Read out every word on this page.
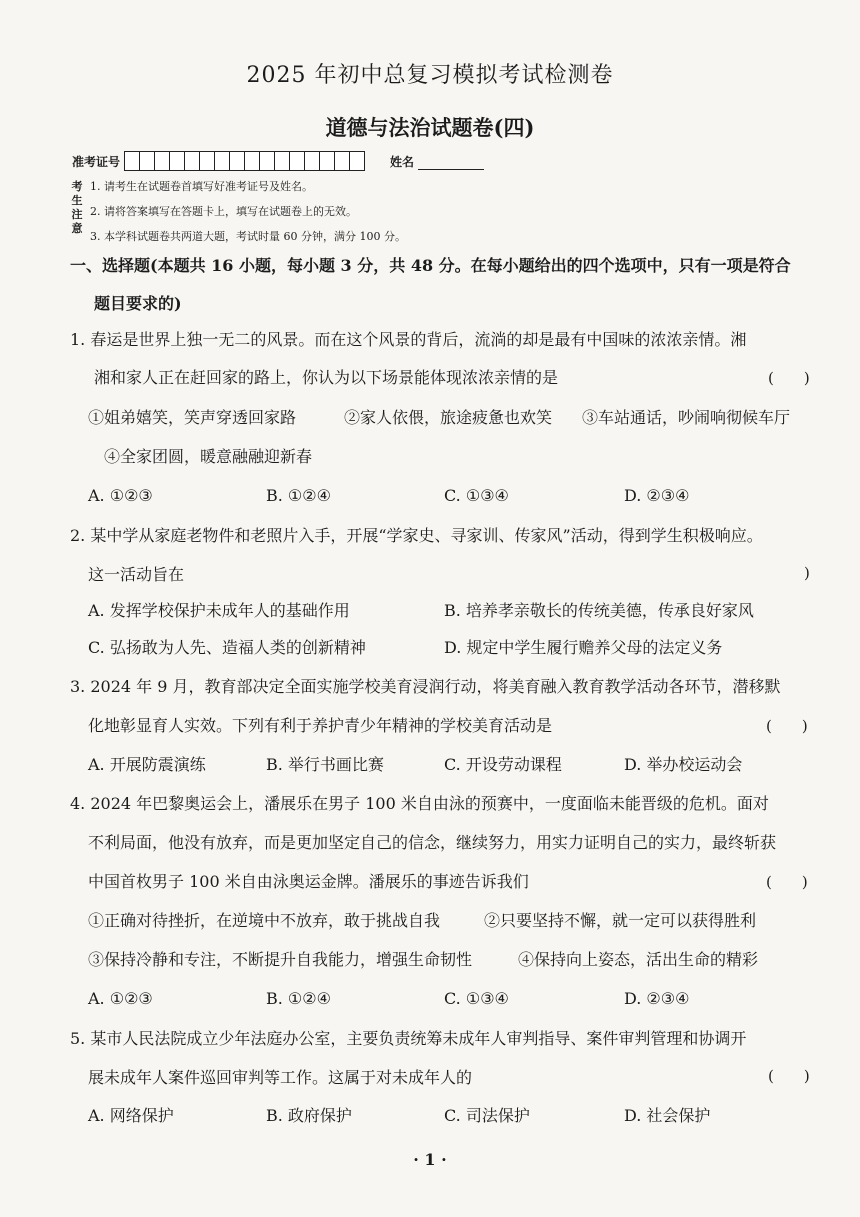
2025 年初中总复习模拟考试检测卷
道德与法治试题卷(四)
准考证号	姓名
考生注意
1. 请考生在试题卷首填写好准考证号及姓名。
2. 请将答案填写在答题卡上，填写在试题卷上的无效。
3. 本学科试题卷共两道大题，考试时量 60 分钟，满分 100 分。
一、选择题(本题共 16 小题，每小题 3 分，共 48 分。在每小题给出的四个选项中，只有一项是符合
题目要求的)
1. 春运是世界上独一无二的风景。而在这个风景的背后，流淌的却是最有中国味的浓浓亲情。湘
湘和家人正在赶回家的路上，你认为以下场景能体现浓浓亲情的是	(　　)
①姐弟嬉笑，笑声穿透回家路	②家人依偎，旅途疲惫也欢笑 ③车站通话，吵闹响彻候车厅
④全家团圆，暖意融融迎新春
A. ①②③	B. ①②④	C. ①③④	D. ②③④
2. 某中学从家庭老物件和老照片入手，开展“学家史、寻家训、传家风”活动，得到学生积极响应。
这一活动旨在	)
A. 发挥学校保护未成年人的基础作用	B. 培养孝亲敬长的传统美德，传承良好家风
C. 弘扬敢为人先、造福人类的创新精神	D. 规定中学生履行赡养父母的法定义务
3. 2024 年 9 月，教育部决定全面实施学校美育浸润行动，将美育融入教育教学活动各环节，潜移默
化地彰显育人实效。下列有利于养护青少年精神的学校美育活动是	(　　)
A. 开展防震演练	B. 举行书画比赛	C. 开设劳动课程	D. 举办校运动会
4. 2024 年巴黎奥运会上，潘展乐在男子 100 米自由泳的预赛中，一度面临未能晋级的危机。面对
不利局面，他没有放弃，而是更加坚定自己的信念，继续努力，用实力证明自己的实力，最终斩获
中国首枚男子 100 米自由泳奥运金牌。潘展乐的事迹告诉我们	(　　)
①正确对待挫折，在逆境中不放弃，敢于挑战自我	②只要坚持不懈，就一定可以获得胜利
③保持冷静和专注，不断提升自我能力，增强生命韧性	④保持向上姿态，活出生命的精彩
A. ①②③	B. ①②④	C. ①③④	D. ②③④
5. 某市人民法院成立少年法庭办公室，主要负责统筹未成年人审判指导、案件审判管理和协调开
展未成年人案件巡回审判等工作。这属于对未成年人的	(　　)
A. 网络保护	B. 政府保护	C. 司法保护	D. 社会保护
· 1 ·
